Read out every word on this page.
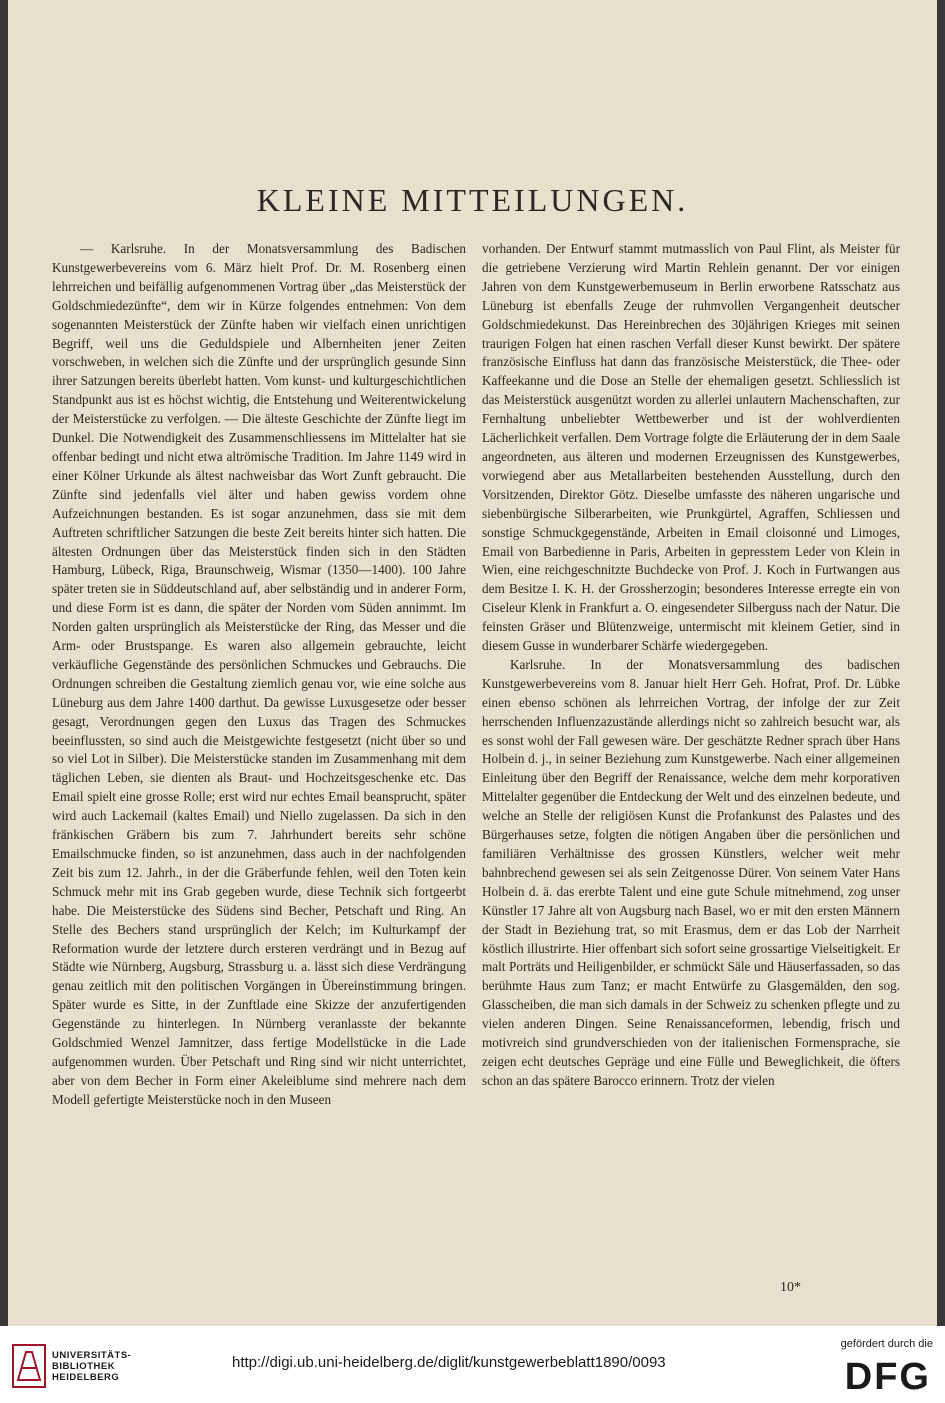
KLEINE MITTEILUNGEN.

— Karlsruhe. In der Monatsversammlung des Badischen Kunstgewerbevereins vom 6. März hielt Prof. Dr. M. Rosenberg einen lehrreichen und beifällig aufgenommenen Vortrag über „das Meisterstück der Goldschmiedezünfte“, dem wir in Kürze folgendes entnehmen: Von dem sogenannten Meisterstück der Zünfte haben wir vielfach einen unrichtigen Begriff, weil uns die Geduldspiele und Albernheiten jener Zeiten vorschweben, in welchen sich die Zünfte und der ursprünglich gesunde Sinn ihrer Satzungen bereits überlebt hatten. Vom kunst- und kulturgeschichtlichen Standpunkt aus ist es höchst wichtig, die Entstehung und Weiterentwickelung der Meisterstücke zu verfolgen. — Die älteste Geschichte der Zünfte liegt im Dunkel. Die Notwendigkeit des Zusammenschliessens im Mittelalter hat sie offenbar bedingt und nicht etwa altrömische Tradition. Im Jahre 1149 wird in einer Kölner Urkunde als ältest nachweisbar das Wort Zunft gebraucht. Die Zünfte sind jedenfalls viel älter und haben gewiss vordem ohne Aufzeichnungen bestanden. Es ist sogar anzunehmen, dass sie mit dem Auftreten schriftlicher Satzungen die beste Zeit bereits hinter sich hatten. Die ältesten Ordnungen über das Meisterstück finden sich in den Städten Hamburg, Lübeck, Riga, Braunschweig, Wismar (1350—1400). 100 Jahre später treten sie in Süddeutschland auf, aber selbständig und in anderer Form, und diese Form ist es dann, die später der Norden vom Süden annimmt. Im Norden galten ursprünglich als Meisterstücke der Ring, das Messer und die Arm- oder Brustspange. Es waren also allgemein gebrauchte, leicht verkäufliche Gegenstände des persönlichen Schmuckes und Gebrauchs. Die Ordnungen schreiben die Gestaltung ziemlich genau vor, wie eine solche aus Lüneburg aus dem Jahre 1400 darthut. Da gewisse Luxusgesetze oder besser gesagt, Verordnungen gegen den Luxus das Tragen des Schmuckes beeinflussten, so sind auch die Meistgewichte festgesetzt (nicht über so und so viel Lot in Silber). Die Meisterstücke standen im Zusammenhang mit dem täglichen Leben, sie dienten als Braut- und Hochzeitsgeschenke etc. Das Email spielt eine grosse Rolle; erst wird nur echtes Email beansprucht, später wird auch Lackemail (kaltes Email) und Niello zugelassen. Da sich in den fränkischen Gräbern bis zum 7. Jahrhundert bereits sehr schöne Emailschmucke finden, so ist anzunehmen, dass auch in der nachfolgenden Zeit bis zum 12. Jahrh., in der die Gräberfunde fehlen, weil den Toten kein Schmuck mehr mit ins Grab gegeben wurde, diese Technik sich fortgeerbt habe. Die Meisterstücke des Südens sind Becher, Petschaft und Ring. An Stelle des Bechers stand ursprünglich der Kelch; im Kulturkampf der Reformation wurde der letztere durch ersteren verdrängt und in Bezug auf Städte wie Nürnberg, Augsburg, Strassburg u. a. lässt sich diese Verdrängung genau zeitlich mit den politischen Vorgängen in Übereinstimmung bringen. Später wurde es Sitte, in der Zunftlade eine Skizze der anzufertigenden Gegenstände zu hinterlegen. In Nürnberg veranlasste der bekannte Goldschmied Wenzel Jamnitzer, dass fertige Modellstücke in die Lade aufgenommen wurden. Über Petschaft und Ring sind wir nicht unterrichtet, aber von dem Becher in Form einer Akeleiblume sind mehrere nach dem Modell gefertigte Meisterstücke noch in den Museen

vorhanden. Der Entwurf stammt mutmasslich von Paul Flint, als Meister für die getriebene Verzierung wird Martin Rehlein genannt. Der vor einigen Jahren von dem Kunstgewerbemuseum in Berlin erworbene Ratsschatz aus Lüneburg ist ebenfalls Zeuge der ruhmvollen Vergangenheit deutscher Goldschmiedekunst. Das Hereinbrechen des 30jährigen Krieges mit seinen traurigen Folgen hat einen raschen Verfall dieser Kunst bewirkt. Der spätere französische Einfluss hat dann das französische Meisterstück, die Thee- oder Kaffeekanne und die Dose an Stelle der ehemaligen gesetzt. Schliesslich ist das Meisterstück ausgenützt worden zu allerlei unlautern Machenschaften, zur Fernhaltung unbeliebter Wettbewerber und ist der wohlverdienten Lächerlichkeit verfallen. Dem Vortrage folgte die Erläuterung der in dem Saale angeordneten, aus älteren und modernen Erzeugnissen des Kunstgewerbes, vorwiegend aber aus Metallarbeiten bestehenden Ausstellung, durch den Vorsitzenden, Direktor Götz. Dieselbe umfasste des näheren ungarische und siebenbürgische Silberarbeiten, wie Prunkgürtel, Agraffen, Schliessen und sonstige Schmuckgegenstände, Arbeiten in Email cloisonné und Limoges, Email von Barbedienne in Paris, Arbeiten in gepresstem Leder von Klein in Wien, eine reichgeschnitzte Buchdecke von Prof. J. Koch in Furtwangen aus dem Besitze I. K. H. der Grossherzogin; besonderes Interesse erregte ein von Ciseleur Klenk in Frankfurt a. O. eingesendeter Silberguss nach der Natur. Die feinsten Gräser und Blütenzweige, untermischt mit kleinem Getier, sind in diesem Gusse in wunderbarer Schärfe wiedergegeben.

Karlsruhe. In der Monatsversammlung des badischen Kunstgewerbevereins vom 8. Januar hielt Herr Geh. Hofrat, Prof. Dr. Lübke einen ebenso schönen als lehrreichen Vortrag, der infolge der zur Zeit herrschenden Influenzazustände allerdings nicht so zahlreich besucht war, als es sonst wohl der Fall gewesen wäre. Der geschätzte Redner sprach über Hans Holbein d. j., in seiner Beziehung zum Kunstgewerbe. Nach einer allgemeinen Einleitung über den Begriff der Renaissance, welche dem mehr korporativen Mittelalter gegenüber die Entdeckung der Welt und des einzelnen bedeute, und welche an Stelle der religiösen Kunst die Profankunst des Palastes und des Bürgerhauses setze, folgten die nötigen Angaben über die persönlichen und familiären Verhältnisse des grossen Künstlers, welcher weit mehr bahnbrechend gewesen sei als sein Zeitgenosse Dürer. Von seinem Vater Hans Holbein d. ä. das ererbte Talent und eine gute Schule mitnehmend, zog unser Künstler 17 Jahre alt von Augsburg nach Basel, wo er mit den ersten Männern der Stadt in Beziehung trat, so mit Erasmus, dem er das Lob der Narrheit köstlich illustrirte. Hier offenbart sich sofort seine grossartige Vielseitigkeit. Er malt Porträts und Heiligenbilder, er schmückt Säle und Häuserfassaden, so das berühmte Haus zum Tanz; er macht Entwürfe zu Glasgemälden, den sog. Glasscheiben, die man sich damals in der Schweiz zu schenken pflegte und zu vielen anderen Dingen. Seine Renaissanceformen, lebendig, frisch und motivreich sind grundverschieden von der italienischen Formensprache, sie zeigen echt deutsches Gepräge und eine Fülle und Beweglichkeit, die öfters schon an das spätere Barocco erinnern. Trotz der vielen

10*
UNIVERSITÄTS-
BIBLIOTHEK
HEIDELBERG
http://digi.ub.uni-heidelberg.de/diglit/kunstgewerbeblatt1890/0093
gefördert durch die
DFG
